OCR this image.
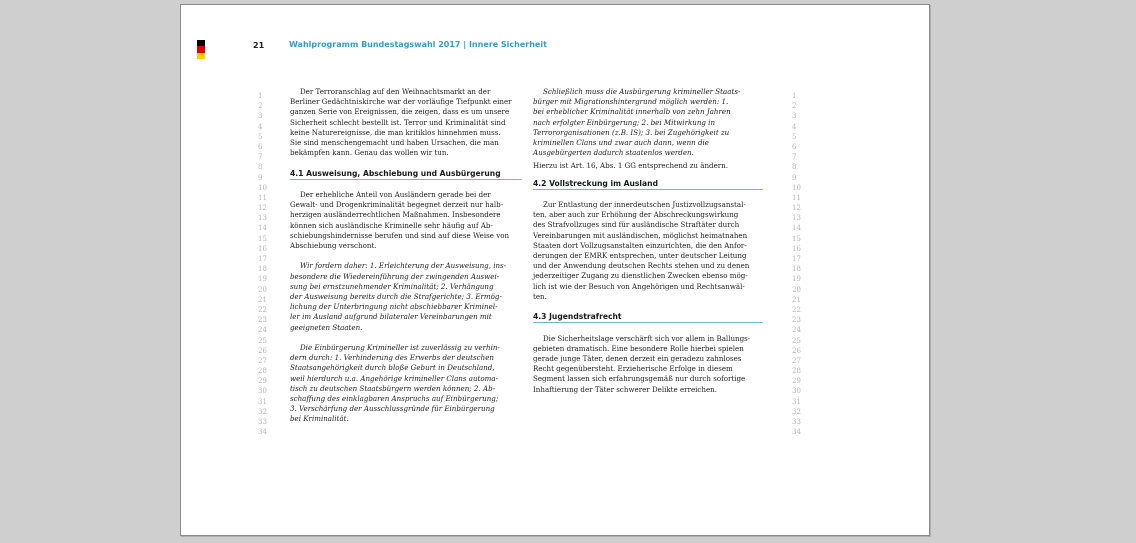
21	Wahlprogramm Bundestagswahl 2017 | Innere Sicherheit
1
2
3
4
5
6
7
8
9
10
11
12
13
14
15
16
17
18
19
20
21
22
23
24
25
26
27
28
29
30
31
32
33
34
1
2
3
4
5
6
7
8
9
10
11
12
13
14
15
16
17
18
19
20
21
22
23
24
25
26
27
28
29
30
31
32
33
34
Der Terroranschlag auf den Weihnachtsmarkt an der
Berliner Gedächtniskirche war der vorläufige Tiefpunkt einer
ganzen Serie von Ereignissen, die zeigen, dass es um unsere
Sicherheit schlecht bestellt ist. Terror und Kriminalität sind
keine Naturereignisse, die man kritiklos hinnehmen muss.
Sie sind menschengemacht und haben Ursachen, die man
bekämpfen kann. Genau das wollen wir tun.
4.1 Ausweisung, Abschiebung und Ausbürgerung
Der erhebliche Anteil von Ausländern gerade bei der
Gewalt- und Drogenkriminalität begegnet derzeit nur halb-
herzigen ausländerrechtlichen Maßnahmen. Insbesondere
können sich ausländische Kriminelle sehr häufig auf Ab-
schiebungshindernisse berufen und sind auf diese Weise von
Abschiebung verschont.
Wir fordern daher: 1. Erleichterung der Ausweisung, ins-
besondere die Wiedereinführung der zwingenden Auswei-
sung bei ernstzunehmender Kriminalität; 2. Verhängung
der Ausweisung bereits durch die Strafgerichte; 3. Ermög-
lichung der Unterbringung nicht abschiebbarer Kriminel-
ler im Ausland aufgrund bilateraler Vereinbarungen mit
geeigneten Staaten.
Die Einbürgerung Krimineller ist zuverlässig zu verhin-
dern durch: 1. Verhinderung des Erwerbs der deutschen
Staatsangehörigkeit durch bloße Geburt in Deutschland,
weil hierdurch u.a. Angehörige krimineller Clans automa-
tisch zu deutschen Staatsbürgern werden können; 2. Ab-
schaffung des einklagbaren Anspruchs auf Einbürgerung;
3. Verschärfung der Ausschlussgründe für Einbürgerung
bei Kriminalität.
Schließlich muss die Ausbürgerung krimineller Staats-
bürger mit Migrationshintergrund möglich werden: 1.
bei erheblicher Kriminalität innerhalb von zehn Jahren
nach erfolgter Einbürgerung; 2. bei Mitwirkung in
Terrororganisationen (z.B. IS); 3. bei Zugehörigkeit zu
kriminellen Clans und zwar auch dann, wenn die
Ausgebürgerten dadurch staatenlos werden.

Hierzu ist Art. 16, Abs. 1 GG entsprechend zu ändern.

4.2 Vollstreckung im Ausland
Zur Entlastung der innerdeutschen Justizvollzugsanstal-
ten, aber auch zur Erhöhung der Abschreckungswirkung
des Strafvollzuges sind für ausländische Straftäter durch
Vereinbarungen mit ausländischen, möglichst heimatnahen
Staaten dort Vollzugsanstalten einzurichten, die den Anfor-
derungen der EMRK entsprechen, unter deutscher Leitung
und der Anwendung deutschen Rechts stehen und zu denen
jederzeitiger Zugang zu dienstlichen Zwecken ebenso mög-
lich ist wie der Besuch von Angehörigen und Rechtsanwäl-
ten.
4.3 Jugendstrafrecht
Die Sicherheitslage verschärft sich vor allem in Ballungs-
gebieten dramatisch. Eine besondere Rolle hierbei spielen
gerade junge Täter, denen derzeit ein geradezu zahnloses
Recht gegenübersteht. Erzieherische Erfolge in diesem
Segment lassen sich erfahrungsgemäß nur durch sofortige
Inhaftierung der Täter schwerer Delikte erreichen.
